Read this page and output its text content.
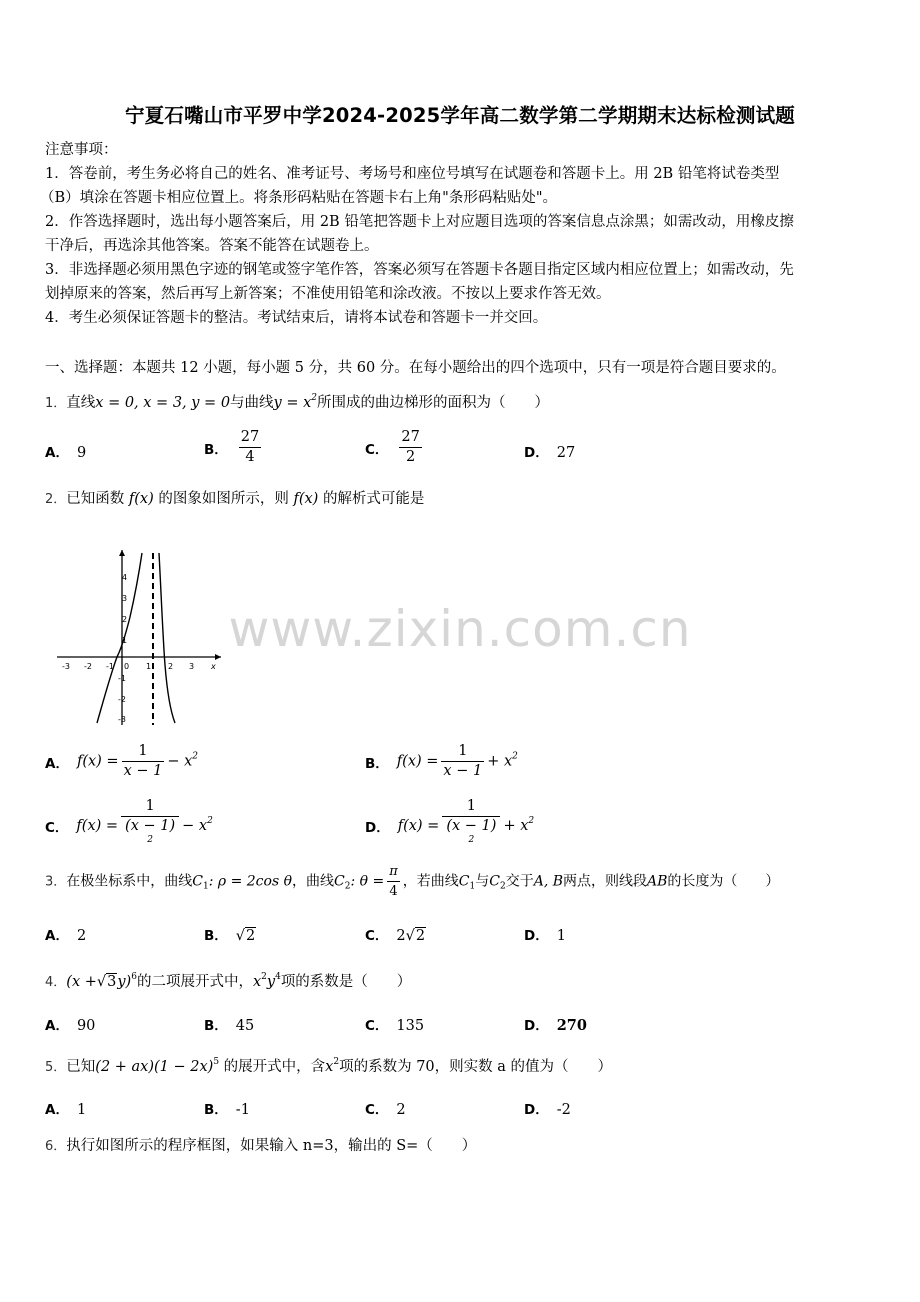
宁夏石嘴山市平罗中学2024-2025学年高二数学第二学期期末达标检测试题
注意事项：
1．答卷前，考生务必将自己的姓名、准考证号、考场号和座位号填写在试题卷和答题卡上。用 2B 铅笔将试卷类型
（B）填涂在答题卡相应位置上。将条形码粘贴在答题卡右上角"条形码粘贴处"。
2．作答选择题时，选出每小题答案后，用 2B 铅笔把答题卡上对应题目选项的答案信息点涂黑；如需改动，用橡皮擦
干净后，再选涂其他答案。答案不能答在试题卷上。
3．非选择题必须用黑色字迹的钢笔或签字笔作答，答案必须写在答题卡各题目指定区域内相应位置上；如需改动，先
划掉原来的答案，然后再写上新答案；不准使用铅笔和涂改液。不按以上要求作答无效。
4．考生必须保证答题卡的整洁。考试结束后，请将本试卷和答题卡一并交回。
一、选择题：本题共 12 小题，每小题 5 分，共 60 分。在每小题给出的四个选项中，只有一项是符合题目要求的。
1．直线x = 0, x = 3, y = 0与曲线$y = x^2$所围成的曲边梯形的面积为（　　）
A． 9	B． $\frac{27}{4}$	C． $\frac{27}{2}$	D． 27
2．已知函数 f(x) 的图象如图所示，则 f(x) 的解析式可能是
-3 -2 -1 0 1 2 3 x
4
3
2
1
-1
-2
-3
www.zixin.com.cn
A． $f(x) = \frac{1}{x - 1} - x^2$	B． $f(x) = \frac{1}{x - 1} + x^2$
C． f(x) = 1
(x − 1)
$^2 - x^2$	D． f(x) = 1
(x − 1)
$^2 + x^2$
3．在极坐标系中，曲线$C_1$: ρ = 2cos θ，曲线$C_2$: $\theta = \frac{\pi}{4}$ ，若曲线$C_1$与$C_2$交于A, B两点，则线段AB的长度为（　　）
A． 2	B． √2	C． 2√2	D． 1
4．$(x +√3y)^6$的二项展开式中，$x^2y^4$项的系数是（　　）
A． 90	B． 45	C． 135	D． 270
5．已知$(2 + ax)(1 - 2x)^5$ 的展开式中，含$x^2$项的系数为 70，则实数 a 的值为（　　）
A． 1	B． -1	C． 2	D． -2
6．执行如图所示的程序框图，如果输入 n=3，输出的 S=（　　）
